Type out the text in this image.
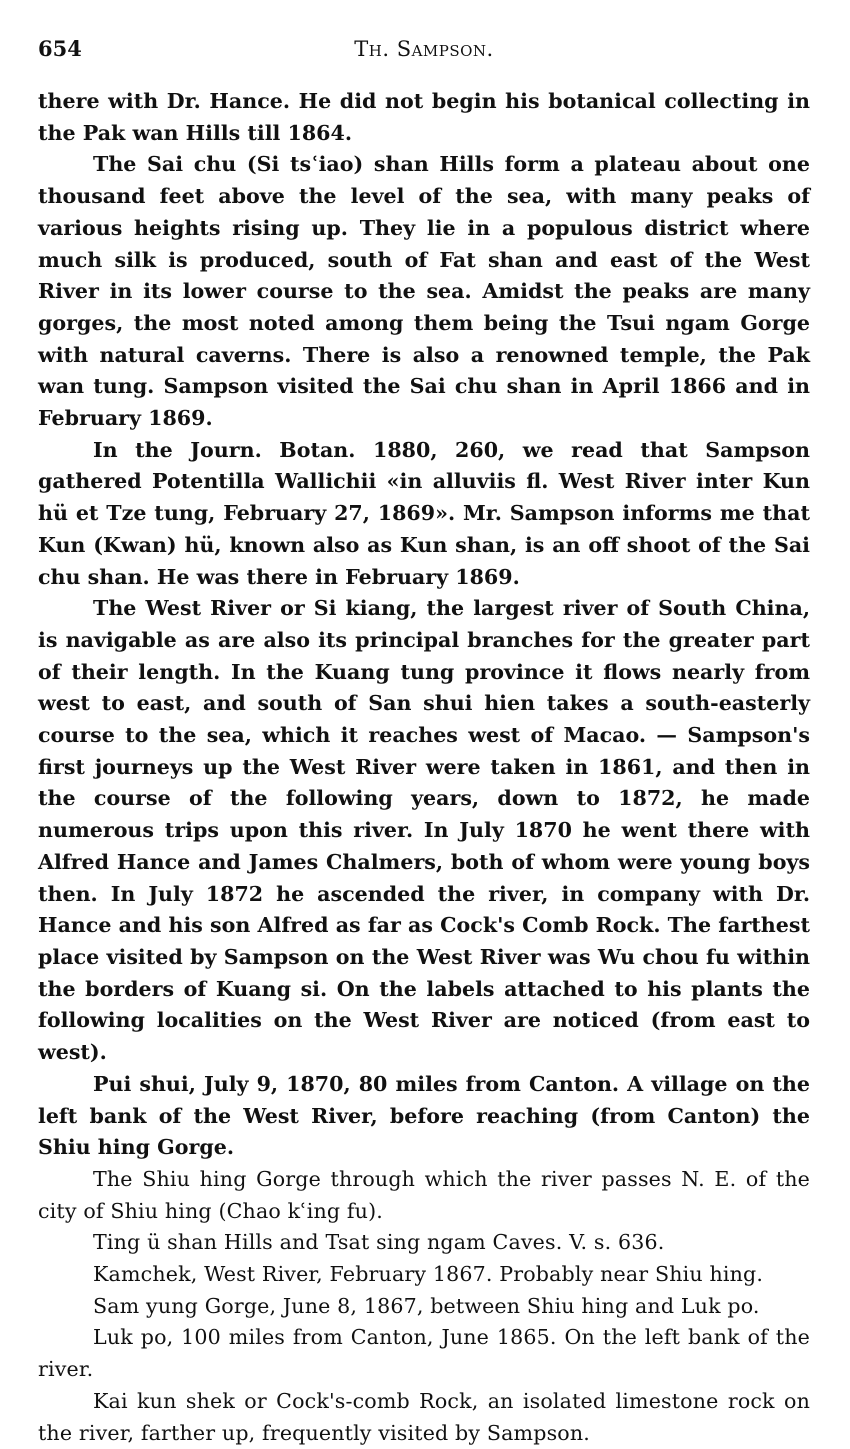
654	Th. Sampson.

there with Dr. Hance. He did not begin his botanical collecting in the Pak wan Hills till 1864.

The Sai chu (Si tsʿiao) shan Hills form a plateau about one thousand feet above the level of the sea, with many peaks of various heights rising up. They lie in a populous district where much silk is produced, south of Fat shan and east of the West River in its lower course to the sea. Amidst the peaks are many gorges, the most noted among them being the Tsui ngam Gorge with natural caverns. There is also a renowned temple, the Pak wan tung. Sampson visited the Sai chu shan in April 1866 and in February 1869.

In the Journ. Botan. 1880, 260, we read that Sampson gathered Potentilla Wallichii «in alluviis fl. West River inter Kun hü et Tze tung, February 27, 1869». Mr. Sampson informs me that Kun (Kwan) hü, known also as Kun shan, is an off shoot of the Sai chu shan. He was there in February 1869.

The West River or Si kiang, the largest river of South China, is navigable as are also its principal branches for the greater part of their length. In the Kuang tung province it flows nearly from west to east, and south of San shui hien takes a south-easterly course to the sea, which it reaches west of Macao. — Sampson's first journeys up the West River were taken in 1861, and then in the course of the following years, down to 1872, he made numerous trips upon this river. In July 1870 he went there with Alfred Hance and James Chalmers, both of whom were young boys then. In July 1872 he ascended the river, in company with Dr. Hance and his son Alfred as far as Cock's Comb Rock. The farthest place visited by Sampson on the West River was Wu chou fu within the borders of Kuang si. On the labels attached to his plants the following localities on the West River are noticed (from east to west).

Pui shui, July 9, 1870, 80 miles from Canton. A village on the left bank of the West River, before reaching (from Canton) the Shiu hing Gorge.

The Shiu hing Gorge through which the river passes N. E. of the city of Shiu hing (Chao kʿing fu).

Ting ü shan Hills and Tsat sing ngam Caves. V. s. 636.

Kamchek, West River, February 1867. Probably near Shiu hing.

Sam yung Gorge, June 8, 1867, between Shiu hing and Luk po.

Luk po, 100 miles from Canton, June 1865. On the left bank of the river.

Kai kun shek or Cock's-comb Rock, an isolated limestone rock on the river, farther up, frequently visited by Sampson.
